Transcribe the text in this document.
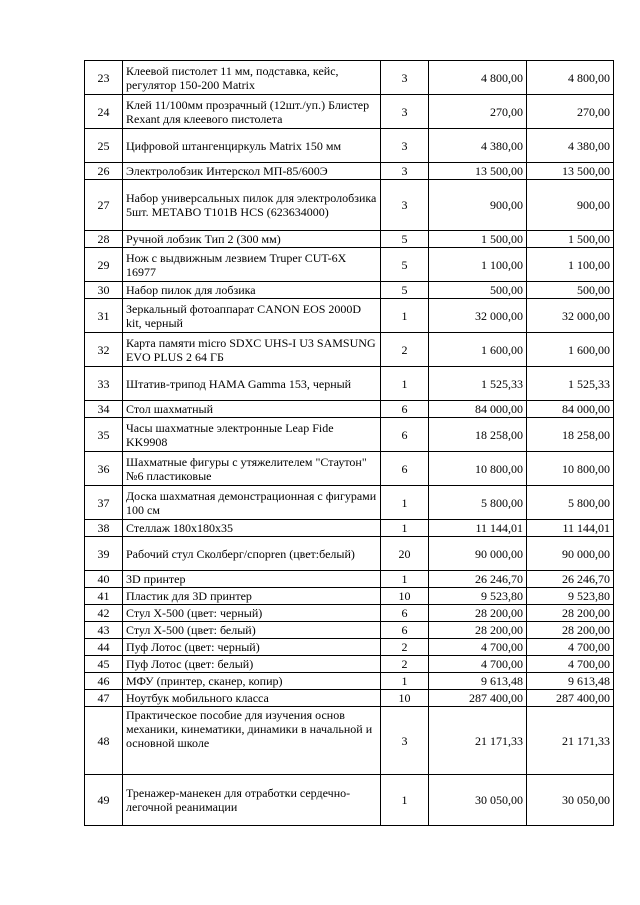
23	Клеевой пистолет 11 мм, подставка, кейс, регулятор 150-200 Matrix	3	4 800,00	4 800,00
24	Клей 11/100мм прозрачный (12шт./уп.) Блистер Rexant для клеевого пистолета	3	270,00	270,00
25	Цифровой штангенциркуль Matrix 150 мм	3	4 380,00	4 380,00
26	Электролобзик Интерскол МП-85/600Э	3	13 500,00	13 500,00
27	Набор универсальных пилок для электролобзика 5шт. METABO T101B HCS (623634000)	3	900,00	900,00
28	Ручной лобзик Тип 2 (300 мм)	5	1 500,00	1 500,00
29	Нож с выдвижным лезвием Truper CUT-6X 16977	5	1 100,00	1 100,00
30	Набор пилок для лобзика	5	500,00	500,00
31	Зеркальный фотоаппарат CANON EOS 2000D kit, черный	1	32 000,00	32 000,00
32	Карта памяти micro SDXC UHS-I U3 SAMSUNG EVO PLUS 2 64 ГБ	2	1 600,00	1 600,00
33	Штатив-трипод HAMA Gamma 153, черный	1	1 525,33	1 525,33
34	Стол шахматный	6	84 000,00	84 000,00
35	Часы шахматные электронные Leap Fide KK9908	6	18 258,00	18 258,00
36	Шахматные фигуры с утяжелителем "Стаутон" №6 пластиковые	6	10 800,00	10 800,00
37	Доска шахматная демонстрационная с фигурами 100 см	1	5 800,00	5 800,00
38	Стеллаж 180х180х35	1	11 144,01	11 144,01
39	Рабочий стул Сколберг/спорren (цвет:белый)	20	90 000,00	90 000,00
40	3D принтер	1	26 246,70	26 246,70
41	Пластик для 3D принтер	10	9 523,80	9 523,80
42	Стул Х-500 (цвет: черный)	6	28 200,00	28 200,00
43	Стул Х-500 (цвет: белый)	6	28 200,00	28 200,00
44	Пуф Лотос (цвет: черный)	2	4 700,00	4 700,00
45	Пуф Лотос (цвет: белый)	2	4 700,00	4 700,00
46	МФУ (принтер, сканер, копир)	1	9 613,48	9 613,48
47	Ноутбук мобильного класса	10	287 400,00	287 400,00
48	Практическое пособие для изучения основ механики, кинематики, динамики в начальной и основной школе	3	21 171,33	21 171,33
49	Тренажер-манекен для отработки сердечно-легочной реанимации	1	30 050,00	30 050,00
